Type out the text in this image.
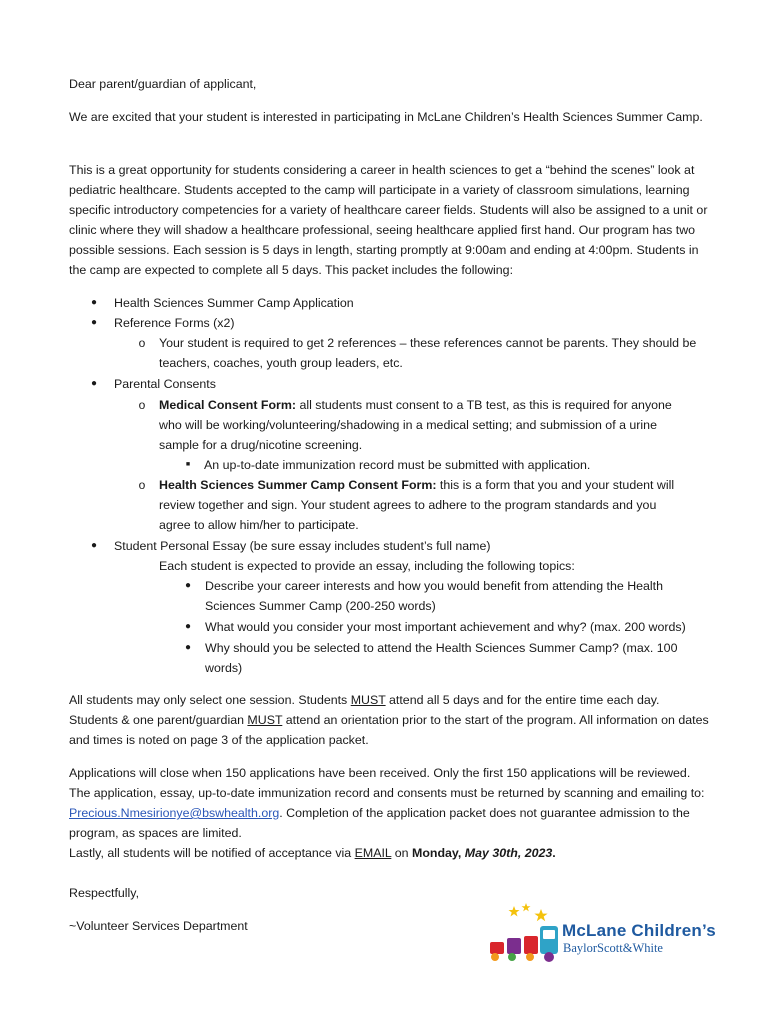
Dear parent/guardian of applicant,

We are excited that your student is interested in participating in McLane Children’s Health Sciences Summer Camp.

This is a great opportunity for students considering a career in health sciences to get a “behind the scenes” look at pediatric healthcare. Students accepted to the camp will participate in a variety of classroom simulations, learning specific introductory competencies for a variety of healthcare career fields. Students will also be assigned to a unit or clinic where they will shadow a healthcare professional, seeing healthcare applied first hand. Our program has two possible sessions. Each session is 5 days in length, starting promptly at 9:00am and ending at 4:00pm. Students in the camp are expected to complete all 5 days. This packet includes the following:

● Health Sciences Summer Camp Application
● Reference Forms (x2)
o Your student is required to get 2 references – these references cannot be parents. They should be teachers, coaches, youth group leaders, etc.
● Parental Consents
o Medical Consent Form: all students must consent to a TB test, as this is required for anyone who will be working/volunteering/shadowing in a medical setting; and submission of a urine sample for a drug/nicotine screening.
■	An up-to-date immunization record must be submitted with application.
o Health Sciences Summer Camp Consent Form: this is a form that you and your student will review together and sign. Your student agrees to adhere to the program standards and you agree to allow him/her to participate.
● Student Personal Essay (be sure essay includes student’s full name)

Each student is expected to provide an essay, including the following topics:

● Describe your career interests and how you would benefit from attending the Health Sciences Summer Camp (200-250 words)
● What would you consider your most important achievement and why? (max. 200 words)
● Why should you be selected to attend the Health Sciences Summer Camp? (max. 100 words)

All students may only select one session. Students MUST attend all 5 days and for the entire time each day. Students & one parent/guardian MUST attend an orientation prior to the start of the program. All information on dates and times is noted on page 3 of the application packet.

Applications will close when 150 applications have been received. Only the first 150 applications will be reviewed. The application, essay, up-to-date immunization record and consents must be returned by scanning and emailing to: Precious.Nmesirionye@bswhealth.org. Completion of the application packet does not guarantee admission to the program, as spaces are limited.
Lastly, all students will be notified of acceptance via EMAIL on Monday, May 30th, 2023.

Respectfully,

~Volunteer Services Department	McLane Children’s
BaylorScott&White
